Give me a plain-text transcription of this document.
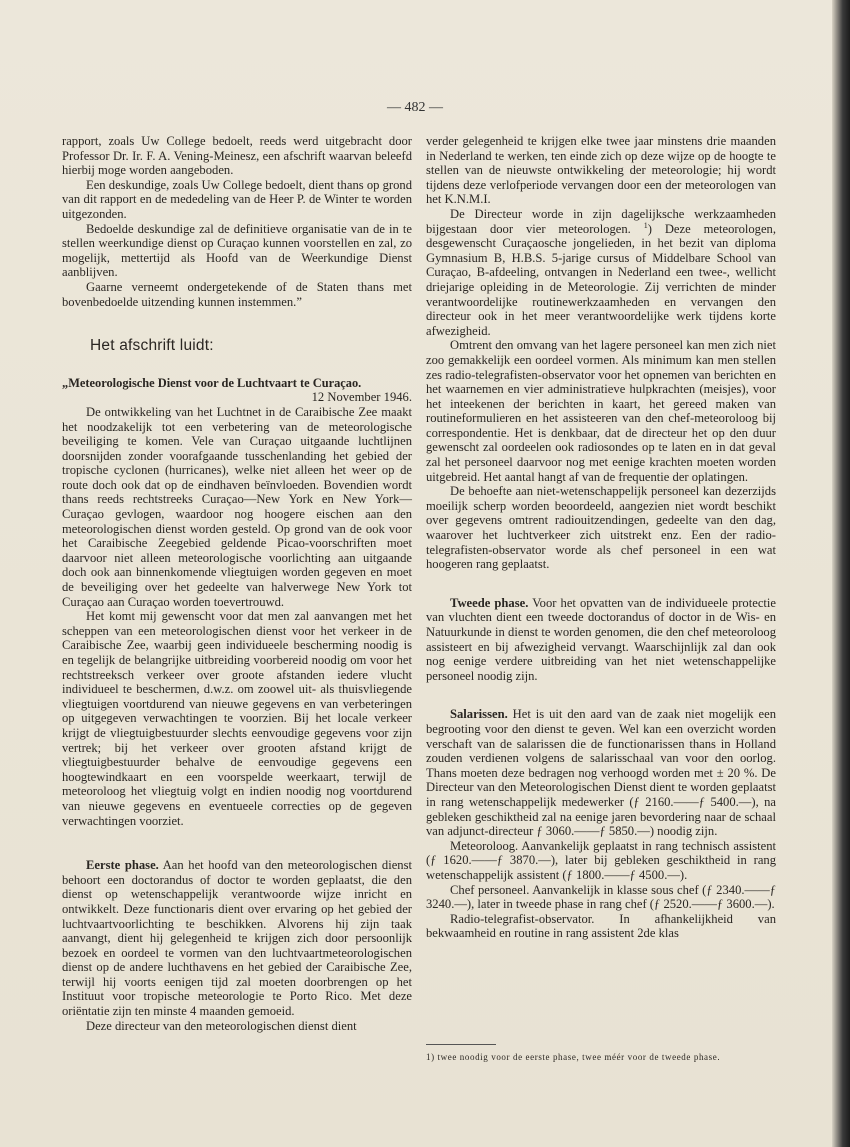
— 482 —

rapport, zoals Uw College bedoelt, reeds werd uitgebracht door Professor Dr. Ir. F. A. Vening-Meinesz, een afschrift waarvan beleefd hierbij moge worden aangeboden.

Een deskundige, zoals Uw College bedoelt, dient thans op grond van dit rapport en de mededeling van de Heer P. de Winter te worden uitgezonden.

Bedoelde deskundige zal de definitieve organisatie van de in te stellen weerkundige dienst op Curaçao kunnen voorstellen en zal, zo mogelijk, mettertijd als Hoofd van de Weerkundige Dienst aanblijven.

Gaarne verneemt ondergetekende of de Staten thans met bovenbedoelde uitzending kunnen instemmen.”

Het afschrift luidt:

„Meteorologische Dienst voor de Luchtvaart te Curaçao.

12 November 1946.

De ontwikkeling van het Luchtnet in de Caraibische Zee maakt het noodzakelijk tot een verbetering van de meteorologische beveiliging te komen. Vele van Curaçao uitgaande luchtlijnen doorsnijden zonder voorafgaande tusschenlanding het gebied der tropische cyclonen (hurricanes), welke niet alleen het weer op de route doch ook dat op de eindhaven beïnvloeden. Bovendien wordt thans reeds rechtstreeks Curaçao—New York en New York—Curaçao gevlogen, waardoor nog hoogere eischen aan den meteorologischen dienst worden gesteld. Op grond van de ook voor het Caraibische Zeegebied geldende Picao-voorschriften moet daarvoor niet alleen meteorologische voorlichting aan uitgaande doch ook aan binnenkomende vliegtuigen worden gegeven en moet de beveiliging over het gedeelte van halverwege New York tot Curaçao aan Curaçao worden toevertrouwd.

Het komt mij gewenscht voor dat men zal aanvangen met het scheppen van een meteorologischen dienst voor het verkeer in de Caraibische Zee, waarbij geen individueele bescherming noodig is en tegelijk de belangrijke uitbreiding voorbereid noodig om voor het rechtstreeksch verkeer over groote afstanden iedere vlucht individueel te beschermen, d.w.z. om zoowel uit- als thuisvliegende vliegtuigen voortdurend van nieuwe gegevens en van verbeteringen op uitgegeven verwachtingen te voorzien. Bij het locale verkeer krijgt de vliegtuigbestuurder slechts eenvoudige gegevens voor zijn vertrek; bij het verkeer over grooten afstand krijgt de vliegtuigbestuurder behalve de eenvoudige gegevens een hoogtewindkaart en een voorspelde weerkaart, terwijl de meteoroloog het vliegtuig volgt en indien noodig nog voortdurend van nieuwe gegevens en eventueele correcties op de gegeven verwachtingen voorziet.

Eerste phase. Aan het hoofd van den meteorologischen dienst behoort een doctorandus of doctor te worden geplaatst, die den dienst op wetenschappelijk verantwoorde wijze inricht en ontwikkelt. Deze functionaris dient over ervaring op het gebied der luchtvaartvoorlichting te beschikken. Alvorens hij zijn taak aanvangt, dient hij gelegenheid te krijgen zich door persoonlijk bezoek en oordeel te vormen van den luchtvaartmeteorologischen dienst op de andere luchthavens en het gebied der Caraibische Zee, terwijl hij voorts eenigen tijd zal moeten doorbrengen op het Instituut voor tropische meteorologie te Porto Rico. Met deze oriëntatie zijn ten minste 4 maanden gemoeid.

Deze directeur van den meteorologischen dienst dient

verder gelegenheid te krijgen elke twee jaar minstens drie maanden in Nederland te werken, ten einde zich op deze wijze op de hoogte te stellen van de nieuwste ontwikkeling der meteorologie; hij wordt tijdens deze verlofperiode vervangen door een der meteorologen van het K.N.M.I.

De Directeur worde in zijn dagelijksche werkzaamheden bijgestaan door vier meteorologen. $^1$) Deze meteorologen, desgewenscht Curaçaosche jongelieden, in het bezit van diploma Gymnasium B, H.B.S. 5-jarige cursus of Middelbare School van Curaçao, B-afdeeling, ontvangen in Nederland een twee-, wellicht driejarige opleiding in de Meteorologie. Zij verrichten de minder verantwoordelijke routinewerkzaamheden en vervangen den directeur ook in het meer verantwoordelijke werk tijdens korte afwezigheid.

Omtrent den omvang van het lagere personeel kan men zich niet zoo gemakkelijk een oordeel vormen. Als minimum kan men stellen zes radio-telegrafisten-observator voor het opnemen van berichten en het waarnemen en vier administratieve hulpkrachten (meisjes), voor het inteekenen der berichten in kaart, het gereed maken van routineformulieren en het assisteeren van den chef-meteoroloog bij correspondentie. Het is denkbaar, dat de directeur het op den duur gewenscht zal oordeelen ook radiosondes op te laten en in dat geval zal het personeel daarvoor nog met eenige krachten moeten worden uitgebreid. Het aantal hangt af van de frequentie der oplatingen.

De behoefte aan niet-wetenschappelijk personeel kan dezerzijds moeilijk scherp worden beoordeeld, aangezien niet wordt beschikt over gegevens omtrent radiouitzendingen, gedeelte van den dag, waarover het luchtverkeer zich uitstrekt enz. Een der radio-telegrafisten-observator worde als chef personeel in een wat hoogeren rang geplaatst.

Tweede phase. Voor het opvatten van de individueele protectie van vluchten dient een tweede doctorandus of doctor in de Wis- en Natuurkunde in dienst te worden genomen, die den chef meteoroloog assisteert en bij afwezigheid vervangt. Waarschijnlijk zal dan ook nog eenige verdere uitbreiding van het niet wetenschappelijke personeel noodig zijn.

Salarissen. Het is uit den aard van de zaak niet mogelijk een begrooting voor den dienst te geven. Wel kan een overzicht worden verschaft van de salarissen die de functionarissen thans in Holland zouden verdienen volgens de salarisschaal van voor den oorlog. Thans moeten deze bedragen nog verhoogd worden met ± 20 %. De Directeur van den Meteorologischen Dienst dient te worden geplaatst in rang wetenschappelijk medewerker (ƒ 2160.——ƒ 5400.—), na gebleken geschiktheid zal na eenige jaren bevordering naar de schaal van adjunct-directeur ƒ 3060.——ƒ 5850.—) noodig zijn.

Meteoroloog. Aanvankelijk geplaatst in rang technisch assistent (ƒ 1620.——ƒ 3870.—), later bij gebleken geschiktheid in rang wetenschappelijk assistent (ƒ 1800.——ƒ 4500.—).

Chef personeel. Aanvankelijk in klasse sous chef (ƒ 2340.——ƒ 3240.—), later in tweede phase in rang chef (ƒ 2520.——ƒ 3600.—).

Radio-telegrafist-observator. In afhankelijkheid van bekwaamheid en routine in rang assistent 2de klas

1) twee noodig voor de eerste phase, twee méér voor de tweede phase.
